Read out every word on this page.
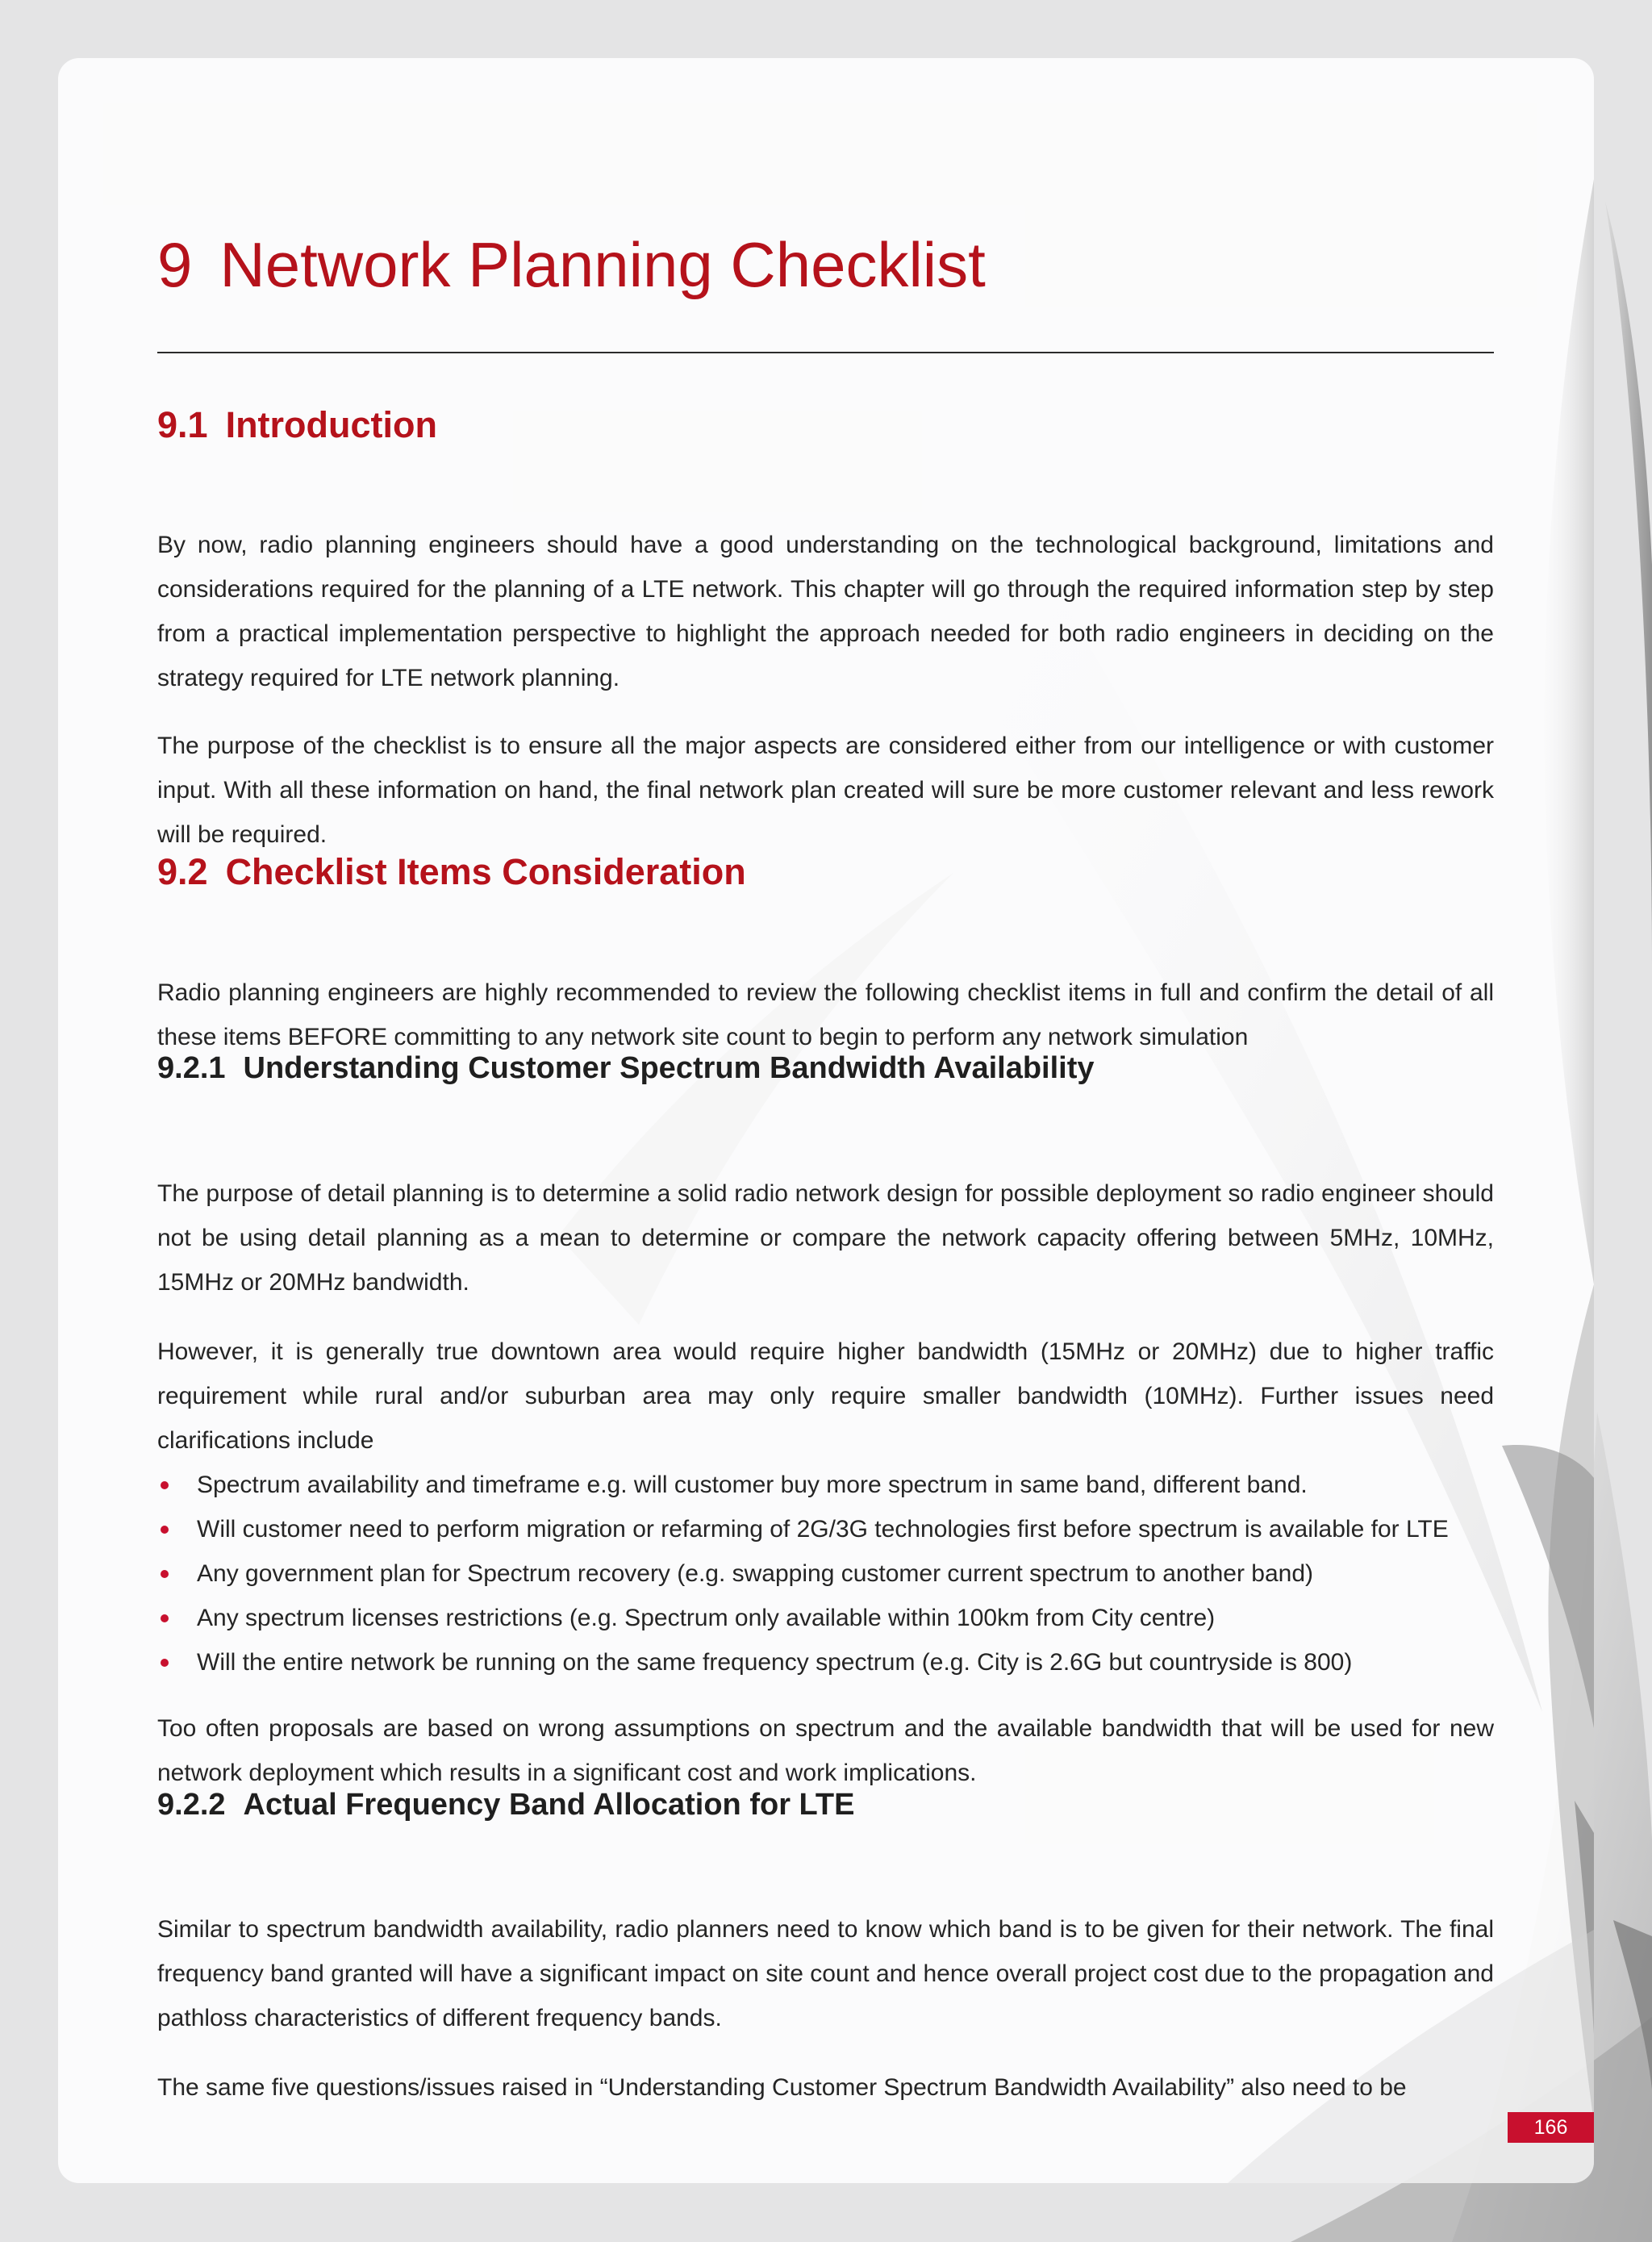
9 Network Planning Checklist
9.1 Introduction

By now, radio planning engineers should have a good understanding on the technological background, limitations and considerations required for the planning of a LTE network. This chapter will go through the required information step by step from a practical implementation perspective to highlight the approach needed for both radio engineers in deciding on the strategy required for LTE network planning.

The purpose of the checklist is to ensure all the major aspects are considered either from our intelligence or with customer input. With all these information on hand, the final network plan created will sure be more customer relevant and less rework will be required.

9.2 Checklist Items Consideration

Radio planning engineers are highly recommended to review the following checklist items in full and confirm the detail of all these items BEFORE committing to any network site count to begin to perform any network simulation

9.2.1 Understanding Customer Spectrum Bandwidth Availability

The purpose of detail planning is to determine a solid radio network design for possible deployment so radio engineer should not be using detail planning as a mean to determine or compare the network capacity offering between 5MHz, 10MHz, 15MHz or 20MHz bandwidth.

However, it is generally true downtown area would require higher bandwidth (15MHz or 20MHz) due to higher traffic requirement while rural and/or suburban area may only require smaller bandwidth (10MHz). Further issues need clarifications include

Spectrum availability and timeframe e.g. will customer buy more spectrum in same band, different band.
Will customer need to perform migration or refarming of 2G/3G technologies first before spectrum is available for LTE
Any government plan for Spectrum recovery (e.g. swapping customer current spectrum to another band)
Any spectrum licenses restrictions (e.g. Spectrum only available within 100km from City centre)
Will the entire network be running on the same frequency spectrum (e.g. City is 2.6G but countryside is 800)

Too often proposals are based on wrong assumptions on spectrum and the available bandwidth that will be used for new network deployment which results in a significant cost and work implications.

9.2.2 Actual Frequency Band Allocation for LTE

Similar to spectrum bandwidth availability, radio planners need to know which band is to be given for their network. The final frequency band granted will have a significant impact on site count and hence overall project cost due to the propagation and pathloss characteristics of different frequency bands.

The same five questions/issues raised in “Understanding Customer Spectrum Bandwidth Availability” also need to be

166
